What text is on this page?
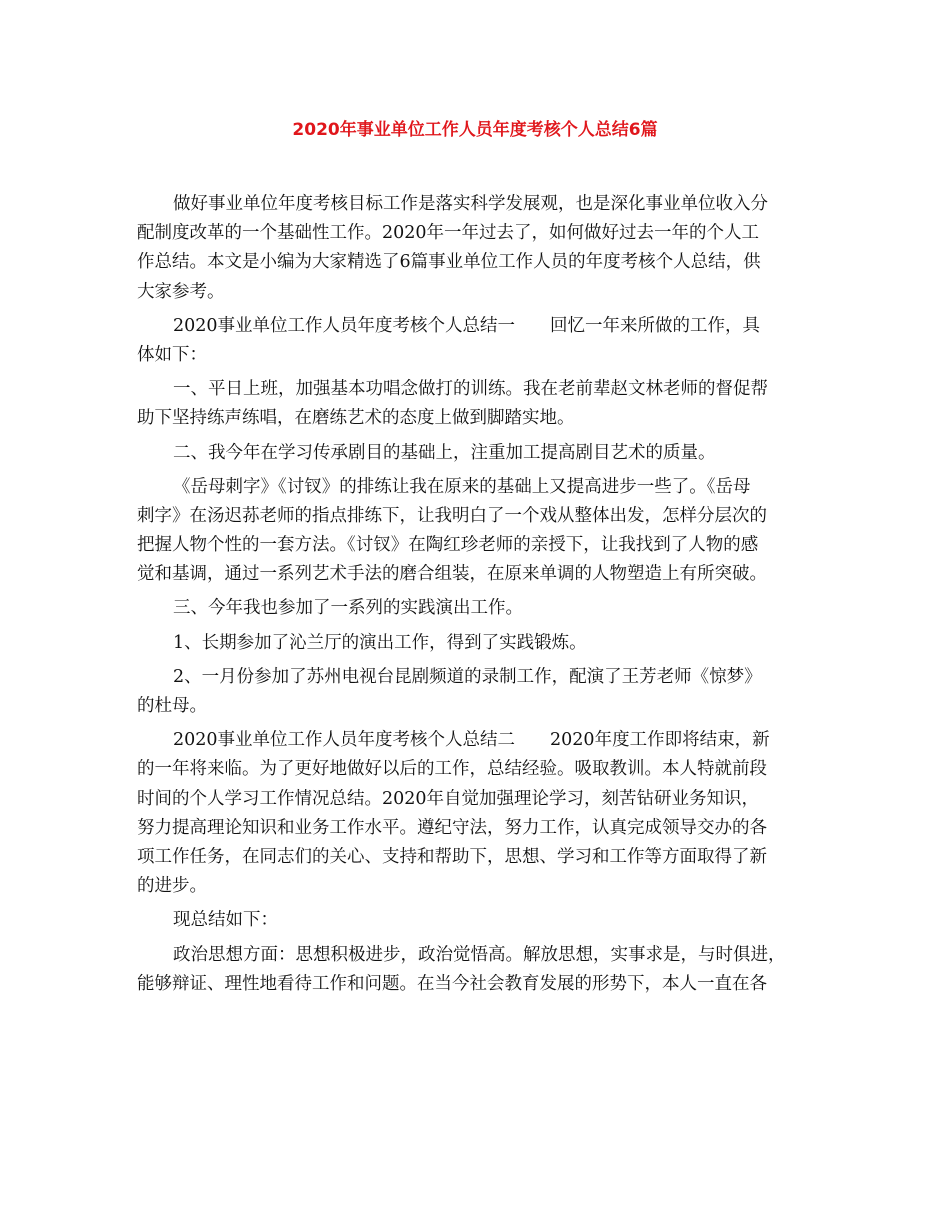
2020年事业单位工作人员年度考核个人总结6篇
做好事业单位年度考核目标工作是落实科学发展观，也是深化事业单位收入分
配制度改革的一个基础性工作。2020年一年过去了，如何做好过去一年的个人工
作总结。本文是小编为大家精选了6篇事业单位工作人员的年度考核个人总结，供
大家参考。
2020事业单位工作人员年度考核个人总结一　　回忆一年来所做的工作，具
体如下：
一、平日上班，加强基本功唱念做打的训练。我在老前辈赵文林老师的督促帮
助下坚持练声练唱，在磨练艺术的态度上做到脚踏实地。
二、我今年在学习传承剧目的基础上，注重加工提高剧目艺术的质量。
《岳母刺字》《讨钗》的排练让我在原来的基础上又提高进步一些了。《岳母
刺字》在汤迟荪老师的指点排练下，让我明白了一个戏从整体出发，怎样分层次的
把握人物个性的一套方法。《讨钗》在陶红珍老师的亲授下，让我找到了人物的感
觉和基调，通过一系列艺术手法的磨合组装，在原来单调的人物塑造上有所突破。
三、今年我也参加了一系列的实践演出工作。
1、长期参加了沁兰厅的演出工作，得到了实践锻炼。
2、一月份参加了苏州电视台昆剧频道的录制工作，配演了王芳老师《惊梦》
的杜母。
2020事业单位工作人员年度考核个人总结二　　2020年度工作即将结束，新
的一年将来临。为了更好地做好以后的工作，总结经验。吸取教训。本人特就前段
时间的个人学习工作情况总结。2020年自觉加强理论学习，刻苦钻研业务知识，
努力提高理论知识和业务工作水平。遵纪守法，努力工作，认真完成领导交办的各
项工作任务，在同志们的关心、支持和帮助下，思想、学习和工作等方面取得了新
的进步。
现总结如下：
政治思想方面：思想积极进步，政治觉悟高。解放思想，实事求是，与时俱进，
能够辩证、理性地看待工作和问题。在当今社会教育发展的形势下，本人一直在各
